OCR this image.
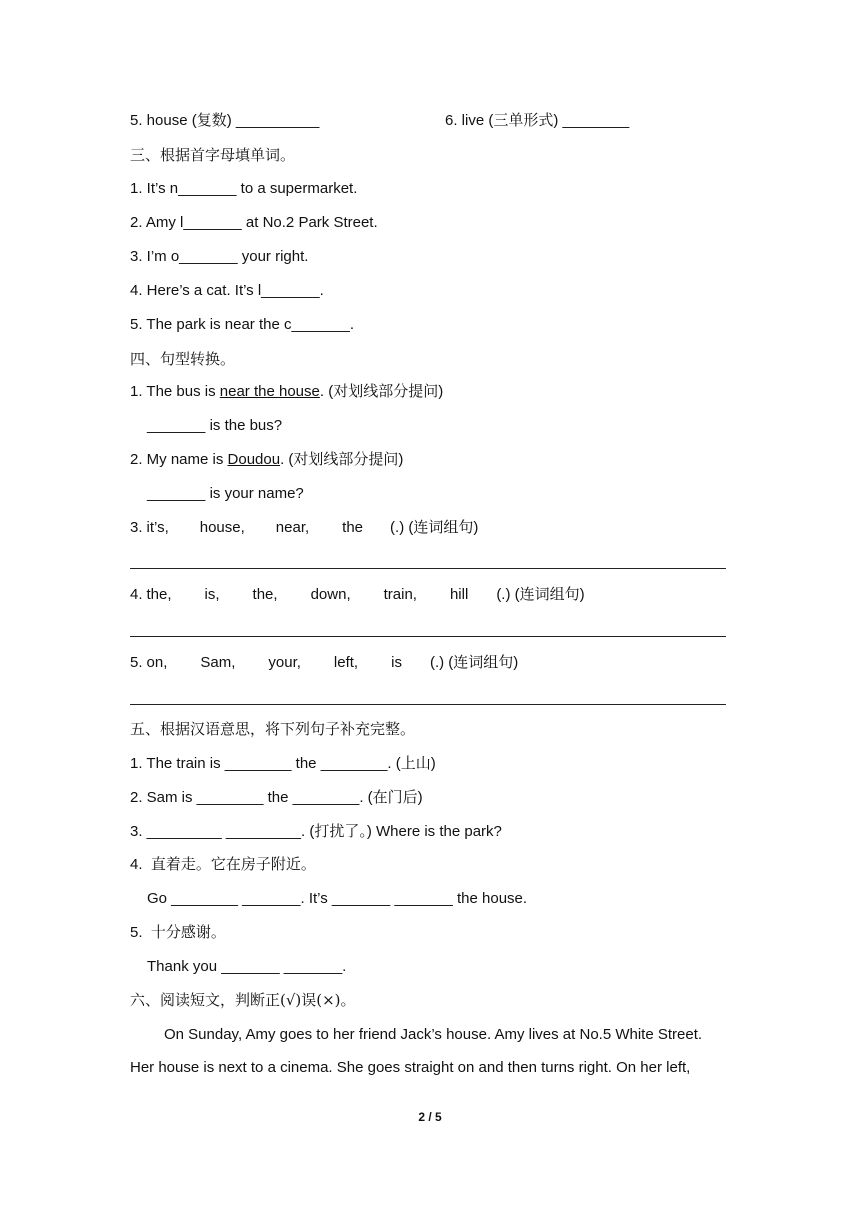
5. house (复数) __________	6. live (三单形式) ________
三、根据首字母填单词。
1. It’s n_______ to a supermarket.
2. Amy l_______ at No.2 Park Street.
3. I’m o_______ your right.
4. Here’s a cat. It’s l_______.
5. The park is near the c_______.
四、句型转换。
1. The bus is near the house. (对划线部分提问)
_______ is the bus?
2. My name is Doudou. (对划线部分提问)
_______ is your name?
3. it’s, house, near, the (.) (连词组句)
4. the, is, the, down, train, hill (.) (连词组句)
5. on, Sam, your, left, is (.) (连词组句)
五、根据汉语意思，将下列句子补充完整。
1. The train is ________ the ________. (上山)
2. Sam is ________ the ________. (在门后)
3. _________ _________. (打扰了。) Where is the park?
4.  直着走。它在房子附近。
Go ________ _______. It’s _______ _______ the house.
5.  十分感谢。
Thank you _______ _______.
六、阅读短文，判断正(√)误(×)。
On Sunday, Amy goes to her friend Jack’s house. Amy lives at No.5 White Street.
Her house is next to a cinema. She goes straight on and then turns right. On her left,
2 / 5
